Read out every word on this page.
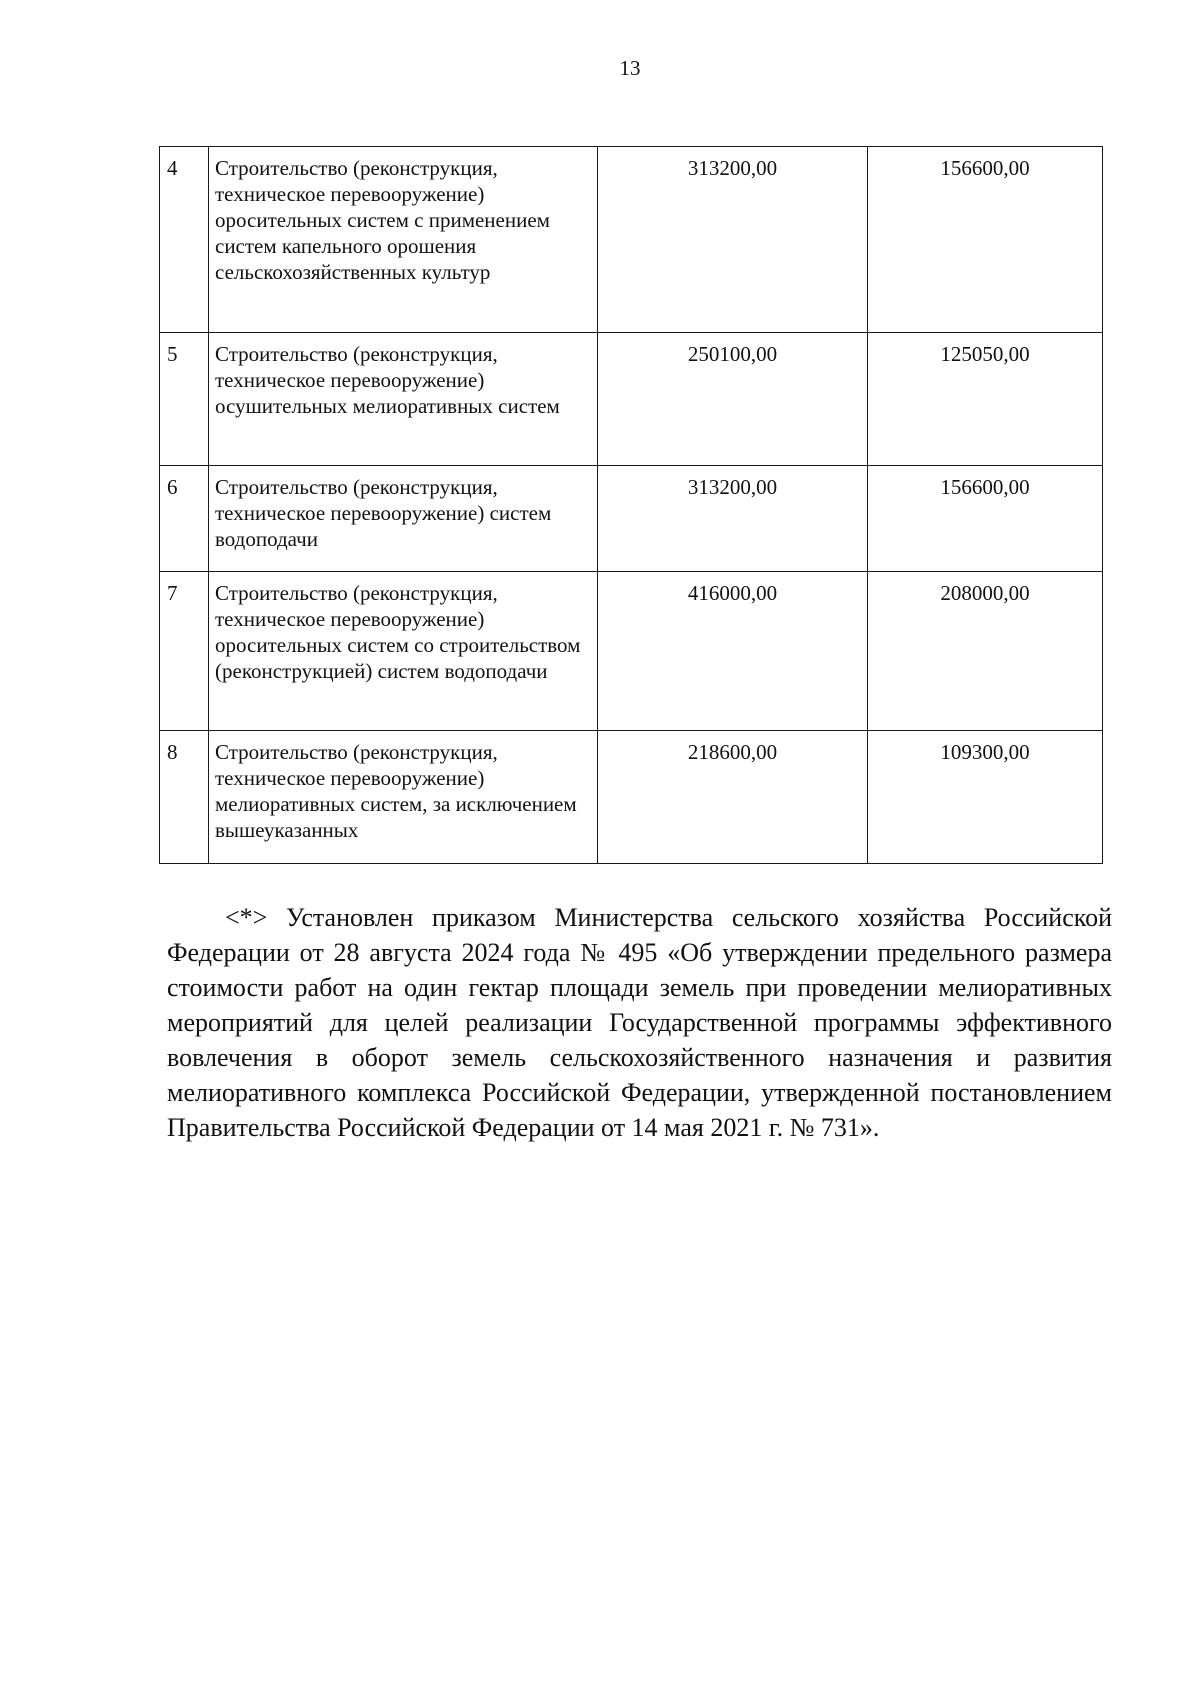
13
4	Строительство (реконструкция, техническое перевооружение) оросительных систем с применением систем капельного орошения сельскохозяйственных культур	313200,00	156600,00
5	Строительство (реконструкция, техническое перевооружение) осушительных мелиоративных систем	250100,00	125050,00
6	Строительство (реконструкция, техническое перевооружение) систем водоподачи	313200,00	156600,00
7	Строительство (реконструкция, техническое перевооружение) оросительных систем со строительством (реконструкцией) систем водоподачи	416000,00	208000,00
8	Строительство (реконструкция, техническое перевооружение) мелиоративных систем, за исключением вышеуказанных	218600,00	109300,00

<*> Установлен приказом Министерства сельского хозяйства Российской Федерации от 28 августа 2024 года № 495 «Об утверждении предельного размера стоимости работ на один гектар площади земель при проведении мелиоративных мероприятий для целей реализации Государственной программы эффективного вовлечения в оборот земель сельскохозяйственного назначения и развития мелиоративного комплекса Российской Федерации, утвержденной постановлением Правительства Российской Федерации от 14 мая 2021 г. № 731».
